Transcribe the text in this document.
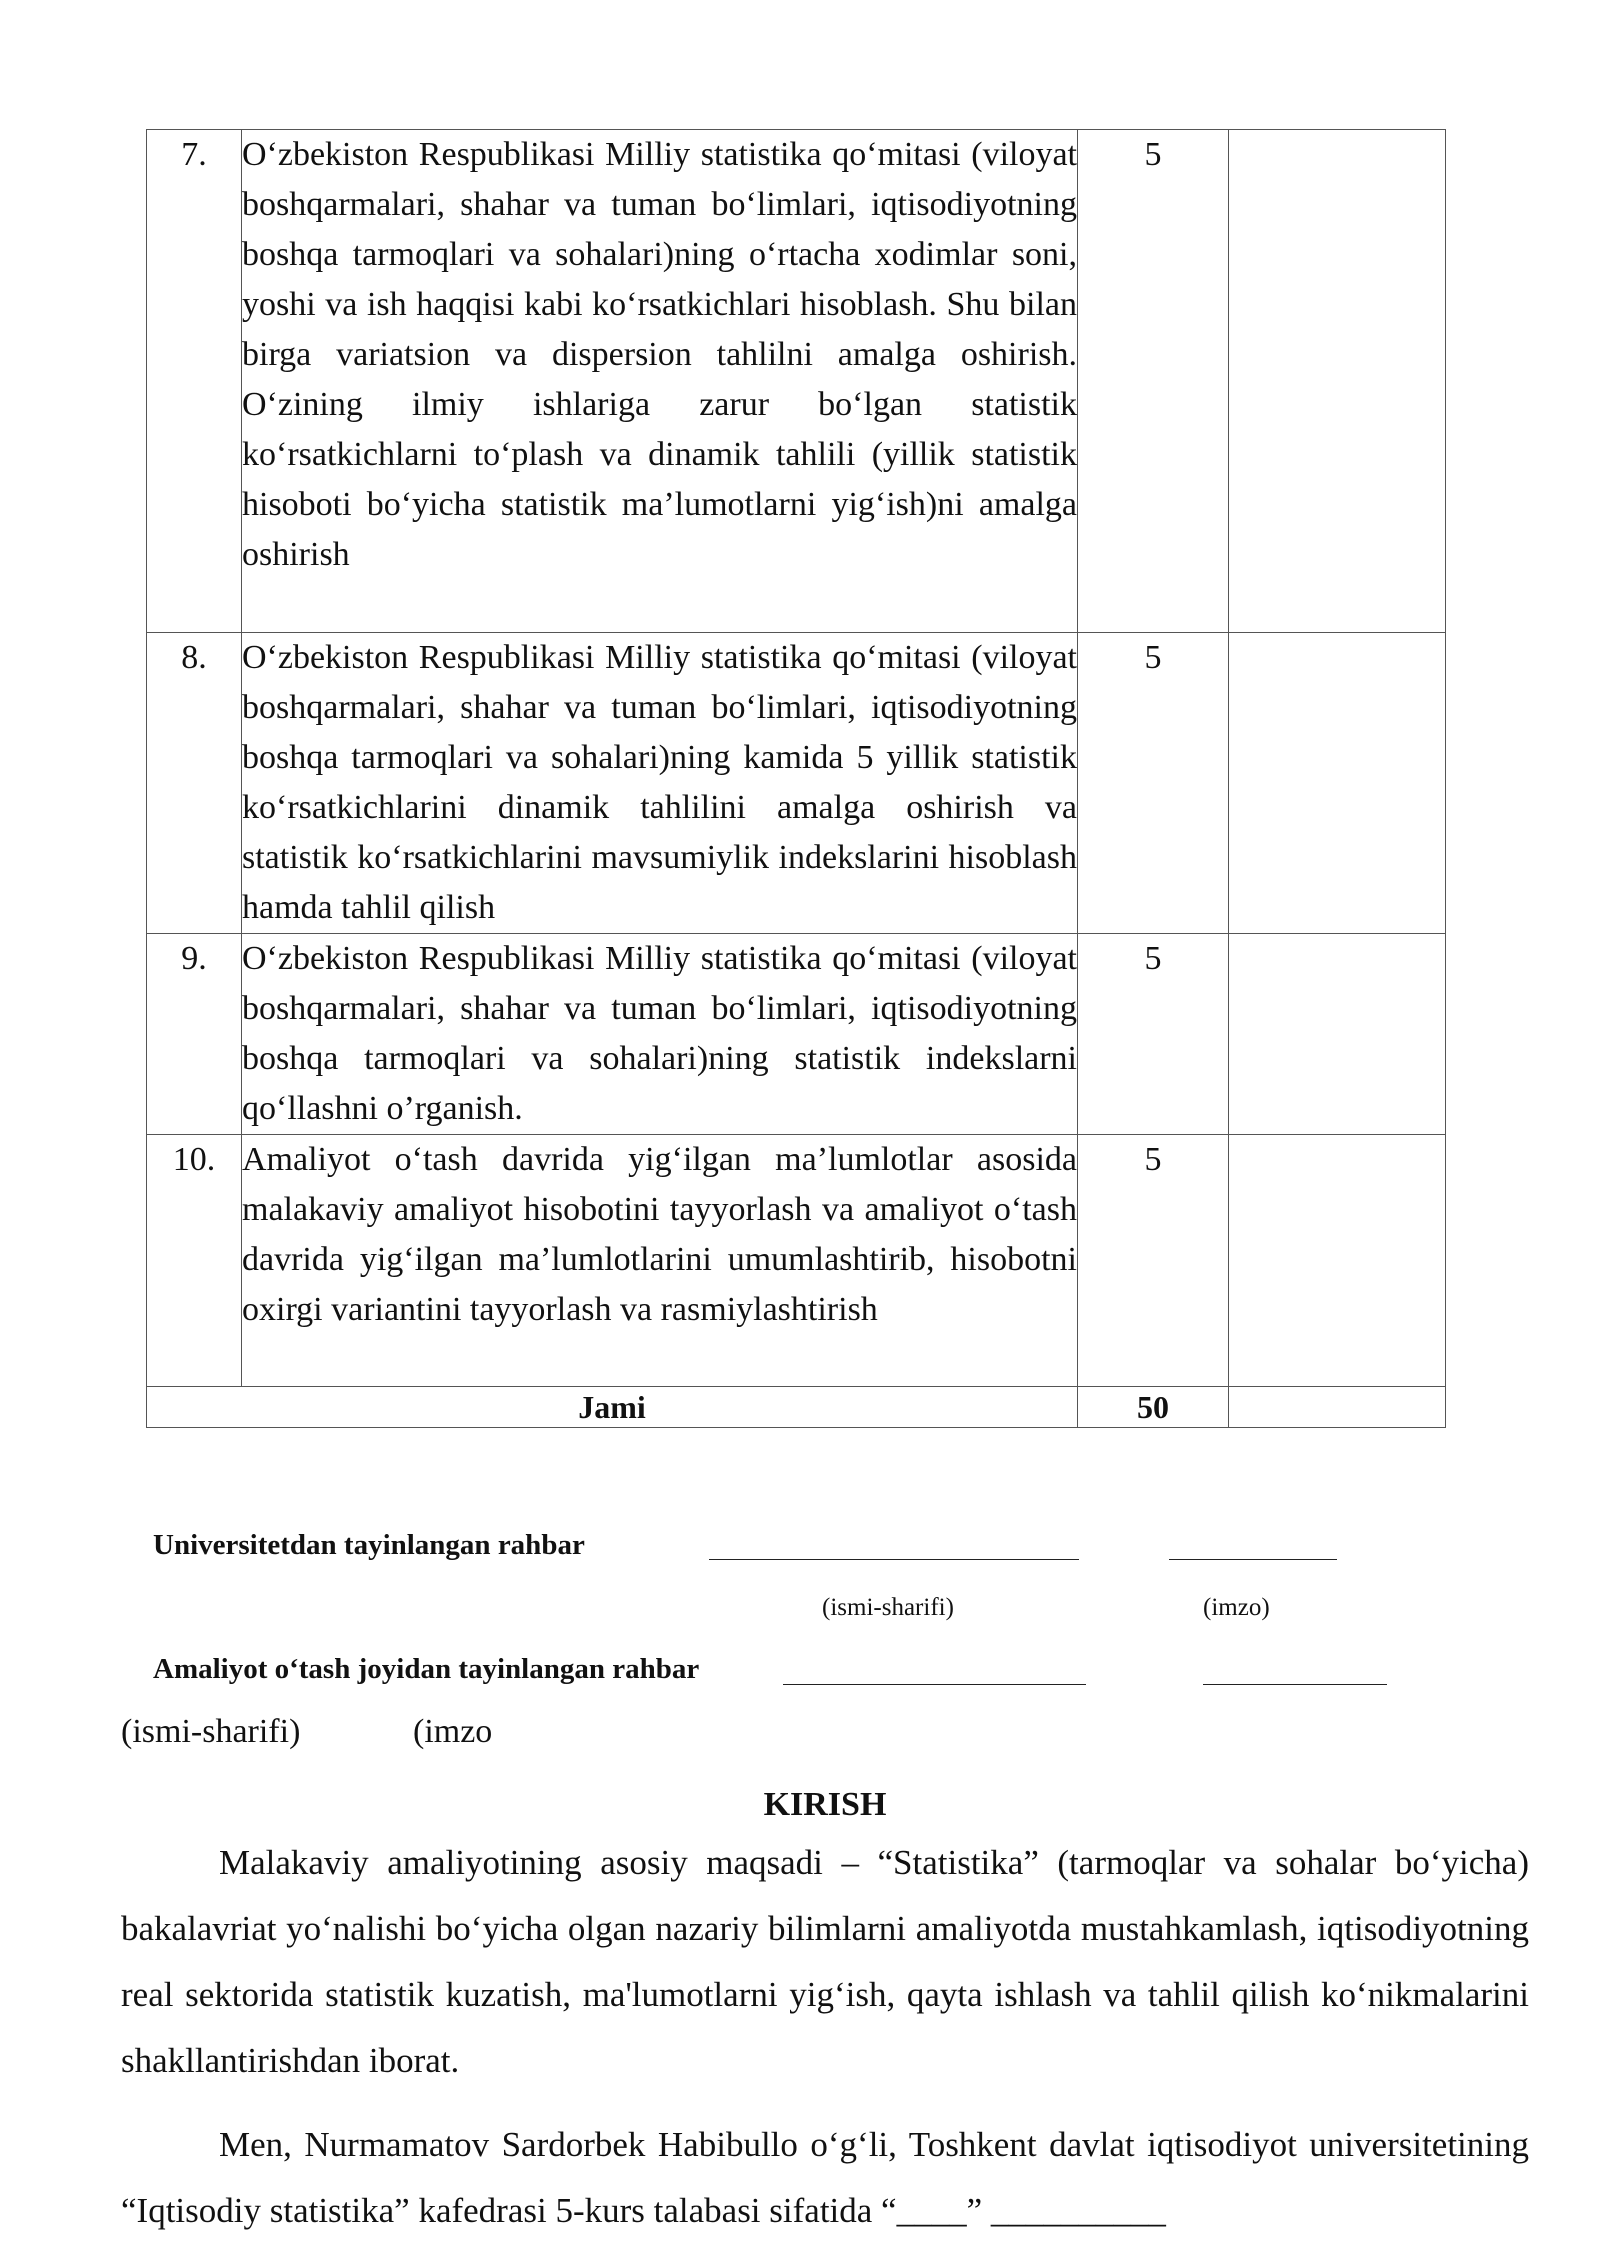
7.	O‘zbekiston Respublikasi Milliy statistika qo‘mitasi (viloyat boshqarmalari, shahar va tuman bo‘limlari, iqtisodiyotning boshqa tarmoqlari va sohalari)ning o‘rtacha xodimlar soni, yoshi va ish haqqisi kabi ko‘rsatkichlari hisoblash. Shu bilan birga variatsion va dispersion tahlilni amalga oshirish. O‘zining ilmiy ishlariga zarur bo‘lgan statistik ko‘rsatkichlarni to‘plash va dinamik tahlili (yillik statistik hisoboti bo‘yicha statistik ma’lumotlarni yig‘ish)ni amalga oshirish	5	
8.	O‘zbekiston Respublikasi Milliy statistika qo‘mitasi (viloyat boshqarmalari, shahar va tuman bo‘limlari, iqtisodiyotning boshqa tarmoqlari va sohalari)ning kamida 5 yillik statistik ko‘rsatkichlarini dinamik tahlilini amalga oshirish va statistik ko‘rsatkichlarini mavsumiylik indekslarini hisoblash hamda tahlil qilish	5	
9.	O‘zbekiston Respublikasi Milliy statistika qo‘mitasi (viloyat boshqarmalari, shahar va tuman bo‘limlari, iqtisodiyotning boshqa tarmoqlari va sohalari)ning statistik indekslarni qo‘llashni o’rganish.	5	
10.	Amaliyot o‘tash davrida yig‘ilgan ma’lumlotlar asosida malakaviy amaliyot hisobotini tayyorlash va amaliyot o‘tash davrida yig‘ilgan ma’lumlotlarini umumlashtirib, hisobotni oxirgi variantini tayyorlash va rasmiylashtirish	5	
Jami		50	
Universitetdan tayinlangan rahbar
(ismi-sharifi)	(imzo)
Amaliyot o‘tash joyidan tayinlangan rahbar
(ismi-sharifi)	(imzo
KIRISH

Malakaviy amaliyotining asosiy maqsadi – “Statistika” (tarmoqlar va sohalar bo‘yicha) bakalavriat yo‘nalishi bo‘yicha olgan nazariy bilimlarni amaliyotda mustahkamlash, iqtisodiyotning real sektorida statistik kuzatish, ma'lumotlarni yig‘ish, qayta ishlash va tahlil qilish ko‘nikmalarini shakllantirishdan iborat.

Men, Nurmamatov Sardorbek Habibullo o‘g‘li, Toshkent davlat iqtisodiyot universitetining “Iqtisodiy statistika” kafedrasi 5-kurs talabasi sifatida “____” __________
